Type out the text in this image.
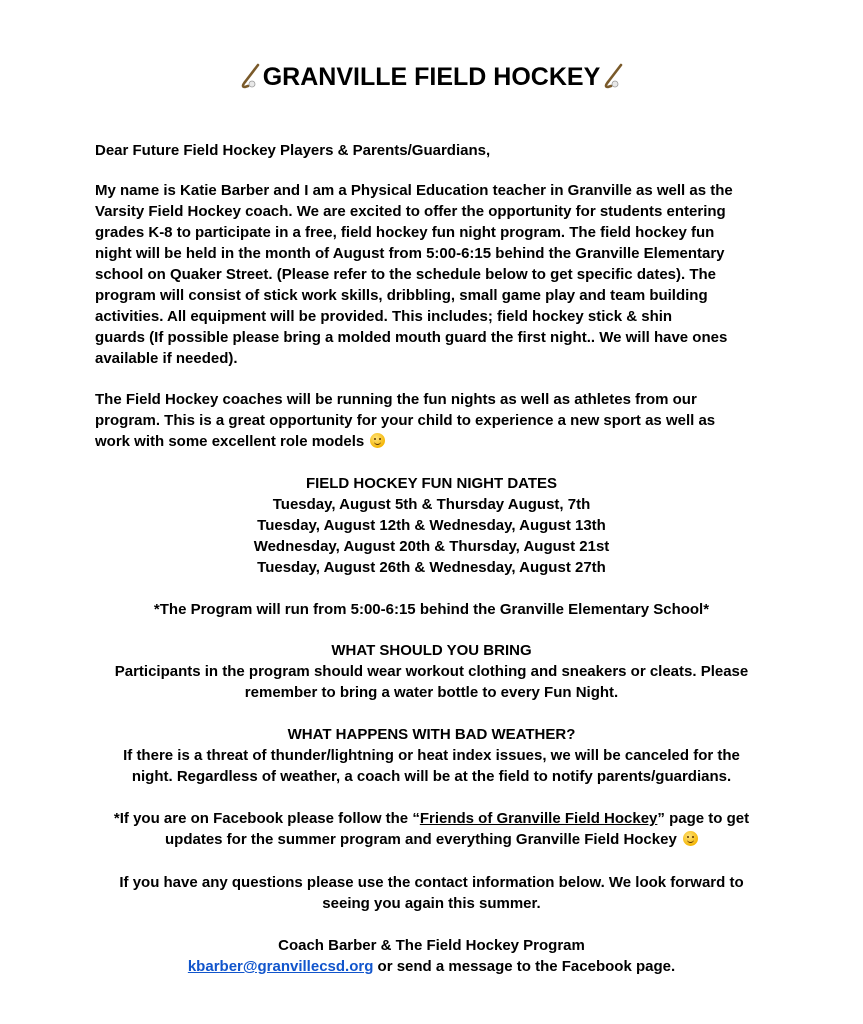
GRANVILLE FIELD HOCKEY
Dear Future Field Hockey Players & Parents/Guardians,
My name is Katie Barber and I am a Physical Education teacher in Granville as well as the
Varsity Field Hockey coach. We are excited to offer the opportunity for students entering
grades K-8 to participate in a free, field hockey fun night program. The field hockey fun
night will be held in the month of August from 5:00-6:15 behind the Granville Elementary
school on Quaker Street. (Please refer to the schedule below to get specific dates). The
program will consist of stick work skills, dribbling, small game play and team building
activities. All equipment will be provided. This includes; field hockey stick & shin
guards (If possible please bring a molded mouth guard the first night.. We will have ones
available if needed).
The Field Hockey coaches will be running the fun nights as well as athletes from our
program. This is a great opportunity for your child to experience a new sport as well as
work with some excellent role models
FIELD HOCKEY FUN NIGHT DATES
Tuesday, August 5th & Thursday August, 7th
Tuesday, August 12th & Wednesday, August 13th
Wednesday, August 20th & Thursday, August 21st
Tuesday, August 26th & Wednesday, August 27th
*The Program will run from 5:00-6:15 behind the Granville Elementary School*
WHAT SHOULD YOU BRING
Participants in the program should wear workout clothing and sneakers or cleats. Please
remember to bring a water bottle to every Fun Night.
WHAT HAPPENS WITH BAD WEATHER?
If there is a threat of thunder/lightning or heat index issues, we will be canceled for the
night. Regardless of weather, a coach will be at the field to notify parents/guardians.
*If you are on Facebook please follow the “Friends of Granville Field Hockey” page to get
updates for the summer program and everything Granville Field Hockey
If you have any questions please use the contact information below. We look forward to
seeing you again this summer.
Coach Barber & The Field Hockey Program
kbarber@granvillecsd.org or send a message to the Facebook page.
